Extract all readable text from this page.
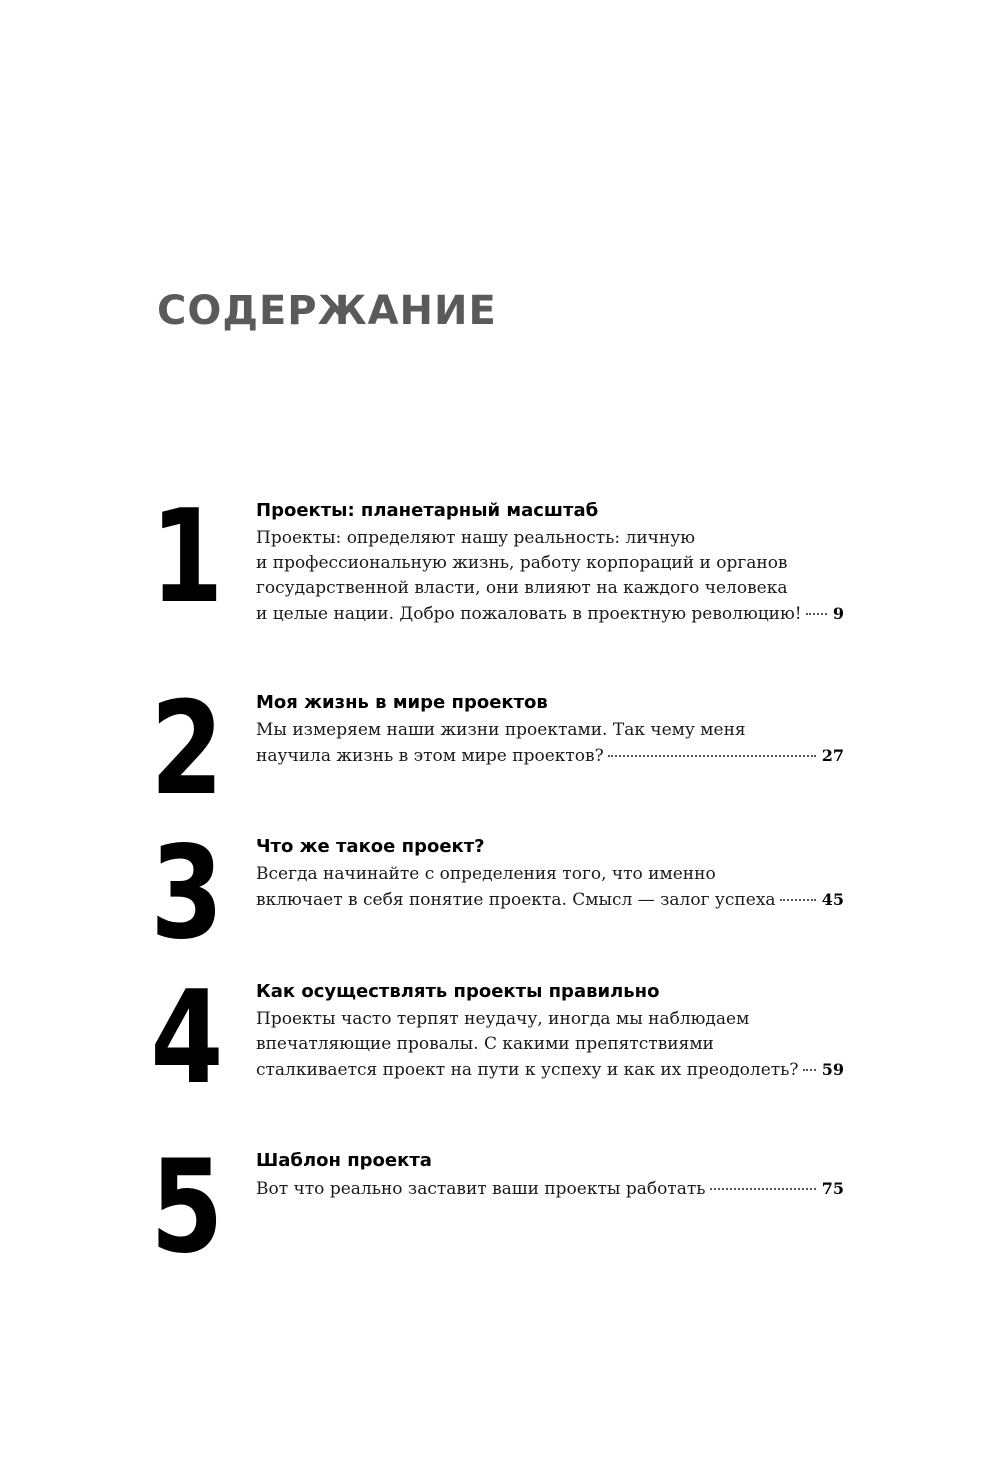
СОДЕРЖАНИЕ
1 Проекты: планетарный масштаб
Проекты: определяют нашу реальность: личную
и профессиональную жизнь, работу корпораций и органов
государственной власти, они влияют на каждого человека
и целые нации. Добро пожаловать в проектную революцию! 9
2 Моя жизнь в мире проектов
Мы измеряем наши жизни проектами. Так чему меня
научила жизнь в этом мире проектов?	27
3 Что же такое проект?
Всегда начинайте с определения того, что именно
включает в себя понятие проекта. Смысл — залог успеха	45
4 Как осуществлять проекты правильно
Проекты часто терпят неудачу, иногда мы наблюдаем
впечатляющие провалы. С какими препятствиями
сталкивается проект на пути к успеху и как их преодолеть? 59
5 Шаблон проекта
Вот что реально заставит ваши проекты работать	75
